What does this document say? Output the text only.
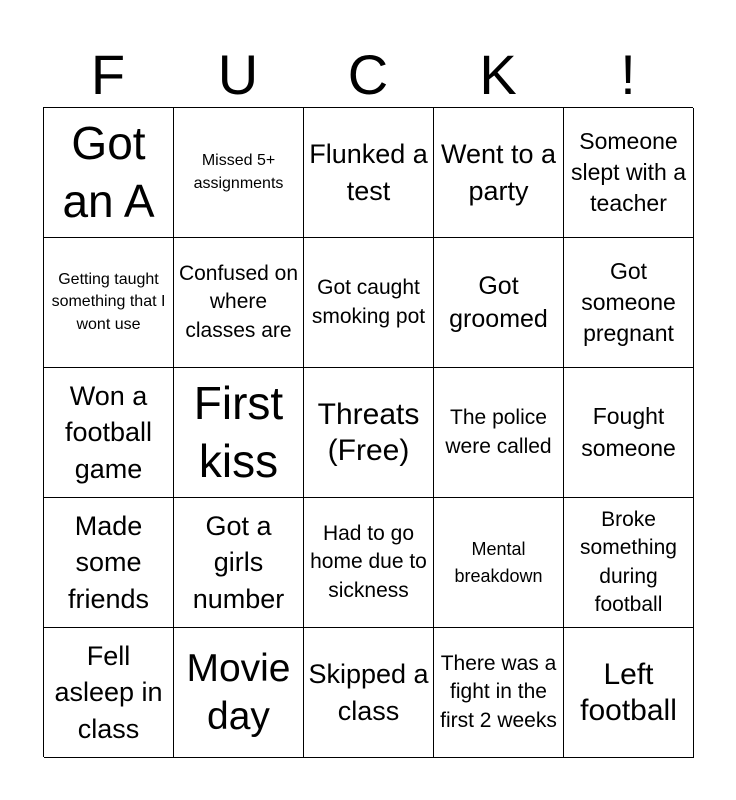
F	U	C	K	!
Got an A
Missed 5+ assignments
Flunked a test
Went to a party
Someone slept with a teacher
Getting taught something that I wont use
Confused on where classes are
Got caught smoking pot
Got groomed
Got someone pregnant
Won a football game
First kiss
Threats (Free)
The police were called
Fought someone
Made some friends
Got a girls number
Had to go home due to sickness
Mental breakdown
Broke something during football
Fell asleep in class
Movie day
Skipped a class
There was a fight in the first 2 weeks
Left football
